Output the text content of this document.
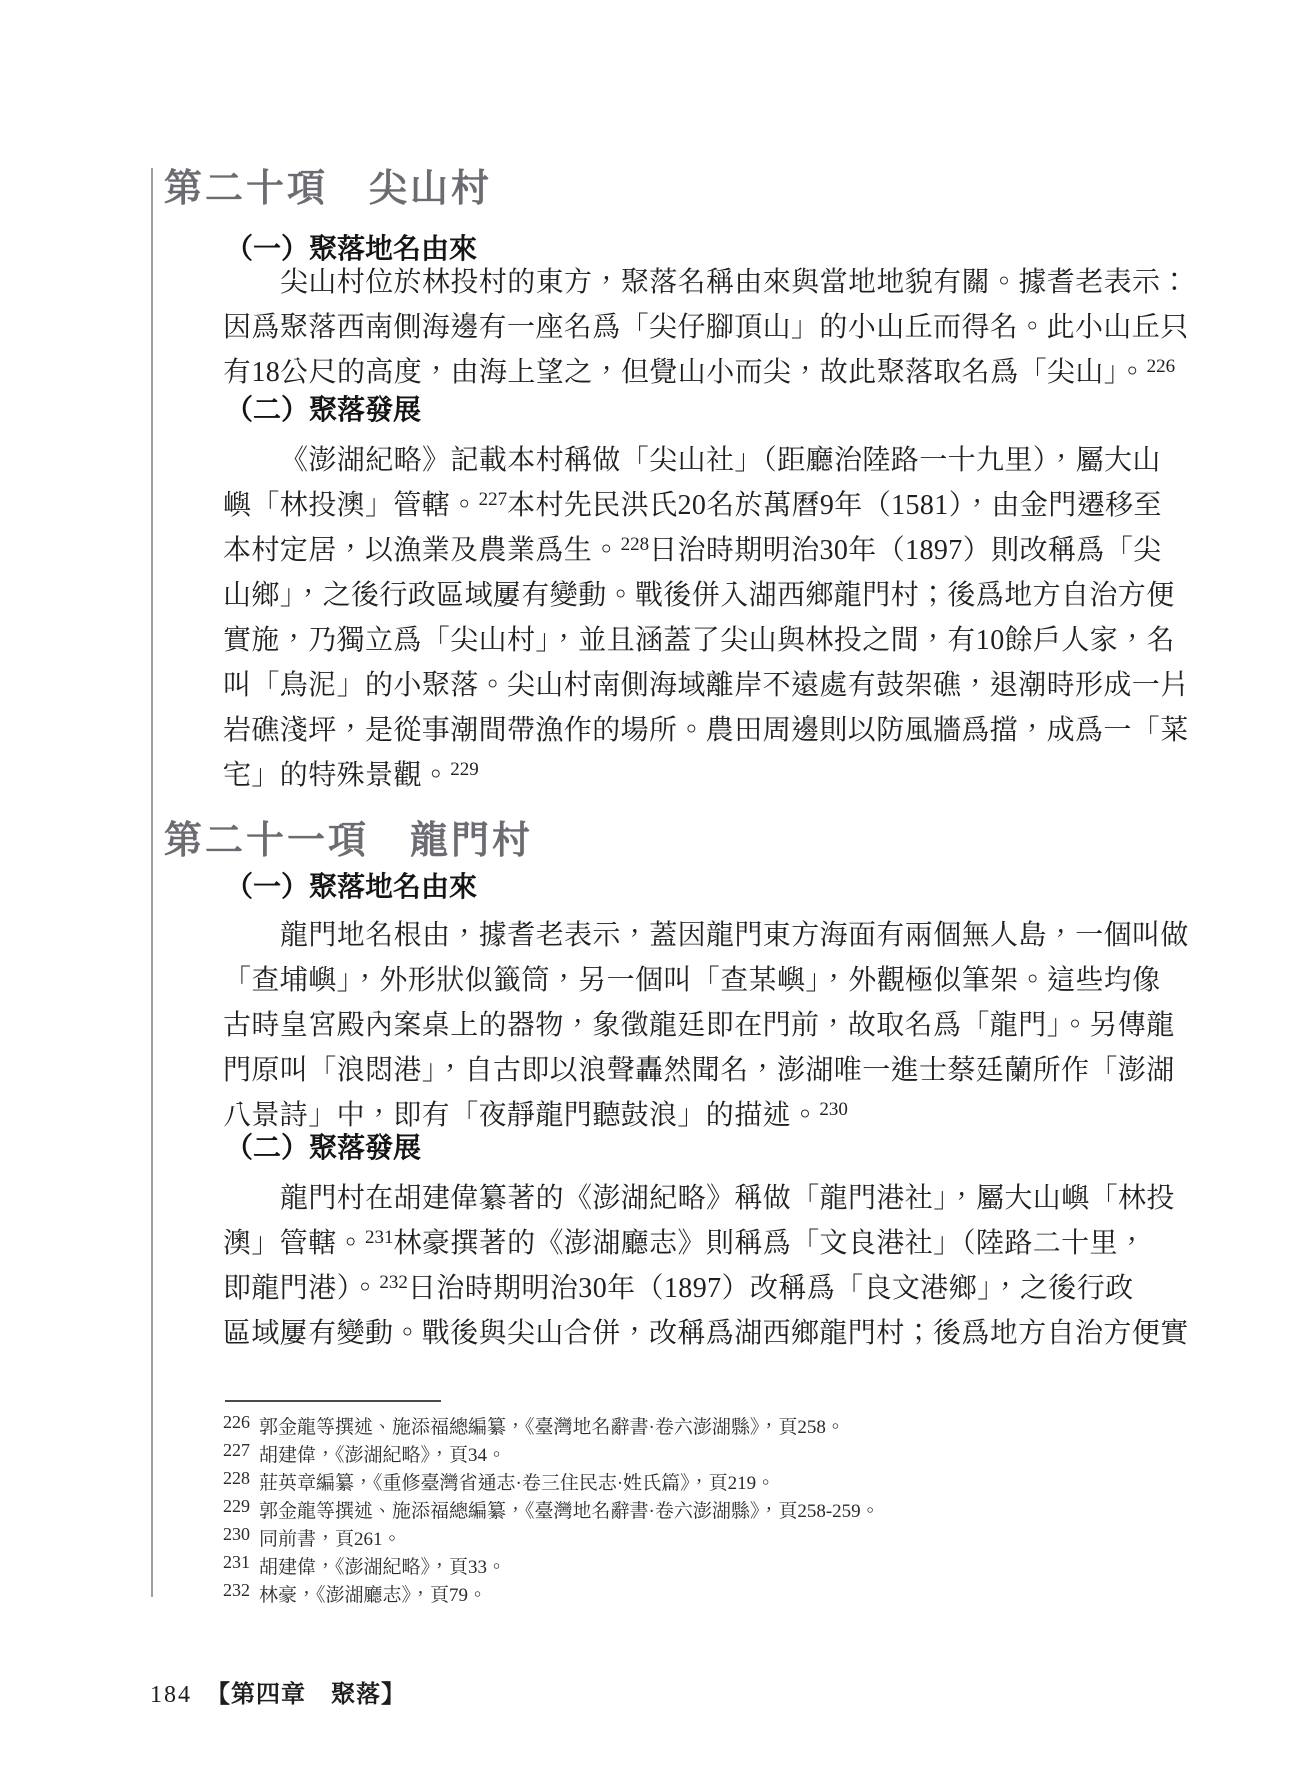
第二十項　尖山村
（一）聚落地名由來
尖山村位於林投村的東方，聚落名稱由來與當地地貌有關。據耆老表示：
因爲聚落西南側海邊有一座名爲「尖仔腳頂山」的小山丘而得名。此小山丘只
有18公尺的高度，由海上望之，但覺山小而尖，故此聚落取名爲「尖山」。$^{226}$
（二）聚落發展
《澎湖紀略》記載本村稱做「尖山社」（距廳治陸路一十九里），屬大山
嶼「林投澳」管轄。$^{227}$本村先民洪氏20名於萬曆9年（1581），由金門遷移至
本村定居，以漁業及農業爲生。$^{228}$日治時期明治30年（1897）則改稱爲「尖
山鄉」，之後行政區域屢有變動。戰後併入湖西鄉龍門村；後爲地方自治方便
實施，乃獨立爲「尖山村」，並且涵蓋了尖山與林投之間，有10餘戶人家，名
叫「鳥泥」的小聚落。尖山村南側海域離岸不遠處有鼓架礁，退潮時形成一片
岩礁淺坪，是從事潮間帶漁作的場所。農田周邊則以防風牆爲擋，成爲一「菜
宅」的特殊景觀。$^{229}$
第二十一項　龍門村
（一）聚落地名由來
龍門地名根由，據耆老表示，蓋因龍門東方海面有兩個無人島，一個叫做
「查埔嶼」，外形狀似籤筒，另一個叫「查某嶼」，外觀極似筆架。這些均像
古時皇宮殿內案桌上的器物，象徵龍廷即在門前，故取名爲「龍門」。另傳龍
門原叫「浪悶港」，自古即以浪聲轟然聞名，澎湖唯一進士蔡廷蘭所作「澎湖
八景詩」中，即有「夜靜龍門聽鼓浪」的描述。$^{230}$
（二）聚落發展
龍門村在胡建偉纂著的《澎湖紀略》稱做「龍門港社」，屬大山嶼「林投
澳」管轄。$^{231}$林豪撰著的《澎湖廳志》則稱爲「文良港社」（陸路二十里，
即龍門港）。$^{232}$日治時期明治30年（1897）改稱爲「良文港鄉」，之後行政
區域屢有變動。戰後與尖山合併，改稱爲湖西鄉龍門村；後爲地方自治方便實
$^{226}$ 郭金龍等撰述、施添福總編纂，《臺灣地名辭書·卷六澎湖縣》，頁258。
$^{227}$ 胡建偉，《澎湖紀略》，頁34。
$^{228}$ 莊英章編纂，《重修臺灣省通志·卷三住民志·姓氏篇》，頁219。
$^{229}$ 郭金龍等撰述、施添福總編纂，《臺灣地名辭書·卷六澎湖縣》，頁258-259。
$^{230}$ 同前書，頁261。
$^{231}$ 胡建偉，《澎湖紀略》，頁33。
$^{232}$ 林豪，《澎湖廳志》，頁79。
184 【第四章　聚落】
